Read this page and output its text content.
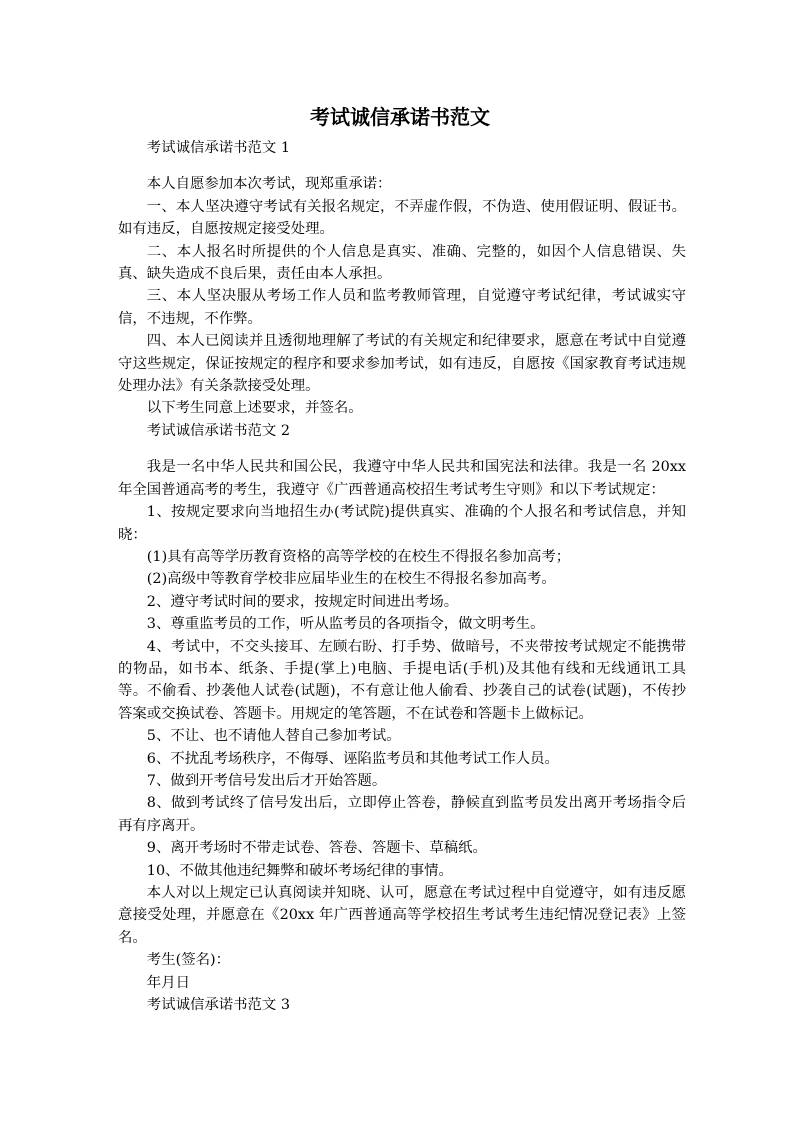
考试诚信承诺书范文

考试诚信承诺书范文 1

本人自愿参加本次考试，现郑重承诺：

一、本人坚决遵守考试有关报名规定，不弄虚作假，不伪造、使用假证明、假证书。如有违反，自愿按规定接受处理。

二、本人报名时所提供的个人信息是真实、准确、完整的，如因个人信息错误、失真、缺失造成不良后果，责任由本人承担。

三、本人坚决服从考场工作人员和监考教师管理，自觉遵守考试纪律，考试诚实守信，不违规，不作弊。

四、本人已阅读并且透彻地理解了考试的有关规定和纪律要求，愿意在考试中自觉遵守这些规定，保证按规定的程序和要求参加考试，如有违反，自愿按《国家教育考试违规处理办法》有关条款接受处理。

以下考生同意上述要求，并签名。

考试诚信承诺书范文 2

我是一名中华人民共和国公民，我遵守中华人民共和国宪法和法律。我是一名 20xx 年全国普通高考的考生，我遵守《广西普通高校招生考试考生守则》和以下考试规定：

1、按规定要求向当地招生办(考试院)提供真实、准确的个人报名和考试信息，并知晓：

(1)具有高等学历教育资格的高等学校的在校生不得报名参加高考；

(2)高级中等教育学校非应届毕业生的在校生不得报名参加高考。

2、遵守考试时间的要求，按规定时间进出考场。

3、尊重监考员的工作，听从监考员的各项指令，做文明考生。

4、考试中，不交头接耳、左顾右盼、打手势、做暗号，不夹带按考试规定不能携带的物品，如书本、纸条、手提(掌上)电脑、手提电话(手机)及其他有线和无线通讯工具等。不偷看、抄袭他人试卷(试题)，不有意让他人偷看、抄袭自己的试卷(试题)，不传抄答案或交换试卷、答题卡。用规定的笔答题，不在试卷和答题卡上做标记。

5、不让、也不请他人替自己参加考试。

6、不扰乱考场秩序，不侮辱、诬陷监考员和其他考试工作人员。

7、做到开考信号发出后才开始答题。

8、做到考试终了信号发出后，立即停止答卷，静候直到监考员发出离开考场指令后再有序离开。

9、离开考场时不带走试卷、答卷、答题卡、草稿纸。

10、不做其他违纪舞弊和破坏考场纪律的事情。

本人对以上规定已认真阅读并知晓、认可，愿意在考试过程中自觉遵守，如有违反愿意接受处理，并愿意在《20xx 年广西普通高等学校招生考试考生违纪情况登记表》上签名。

考生(签名)：

年月日

考试诚信承诺书范文 3
